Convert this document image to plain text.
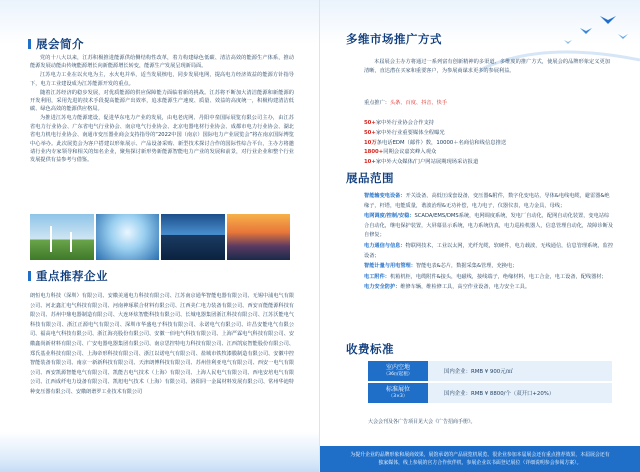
展会简介

党的十八大以来，江苏积极推进能源供给侧结构性改革，着力构建绿色低碳、清洁高效的能源生产体系，推动能源发展动能由传统能源增长向新能源增长转变，能源生产发展呈现新局面。

江苏电力工业在以火电为主，水火电并举，适当发展核电，同步发展电网，提高电力经济效益的能源方针指导下，电力工业建设成为江苏能源开发的重点。

随着江苏经济的稳步发展，对优质能源的供应保障能力面临着新的挑战。江苏将不断加大清洁能源和新能源的开发利用，采用先进的技术手段提高能源产出效率，追求能源生产速度、质量、效益的高度统一，积极构建清洁低碳、绿色高效的能源供应格局。

为推进江苏电力能源建设，促进华东电力产业的发展，由电老虎网、丹阳中垒国际展览有限公司主办，由江苏省电力行业协会、广东省电气行业协会、南京电气行业协会、北京电器电材行业协会、成都市电力行业协会、湖北省电力机电行业协会、南通市变压器业商会支持指导的“2022中国（南京）国际电力产业展览会”将在南京国际博览中心举办。此次展览会为客户搭建以形象展示、产品设备采购、新型技术探讨合作的国际性综合平台，主办方将邀请行业内专家领导和相关的知名企业，聚焦探讨新形势新能源智能电力产业的发展和前景，对行业企业和整个行业发展提供有益参考与借鉴。

重点推荐企业
朗恒电力科技（深圳）有限公司、安徽美通电力科技有限公司、江苏南京通华智能电器有限公司、无锡中浦电气有限公司、河北鑫汇电气科技有限公司、河南神琢联合材料有限公司、江西美仁电力装备有限公司、西安百能能源科技有限公司、苏州中鼎电器制造有限公司、大连环炫智能科技有限公司、长城电器集团浙江科技有限公司、江苏沃能电气科技有限公司、浙江正源电气有限公司、深圳市华盛电子科技有限公司、永诺电气有限公司、许昌安能电气有限公司、福高电气科技有限公司、浙江海亮股份有限公司、安徽一佰电气科技有限公司、上海严霖电气科技有限公司、安徽鑫尚新材料有限公司、广安电器电器集团有限公司、南京思控特电力科技有限公司、江西凯宸智能股份有限公司、郑氏基业科技有限公司、上海帝形科技有限公司、浙江以诺电气有限公司、盐城市铁牧漆膜制造有限公司、安徽中控智能装备有限公司、南京一新新科技有限公司、天津朗博科技有限公司、苏州佳利亚电气有限公司、西安一电气有限公司、西安凯源智能电气有限公司、凯能吉电气技术（上海）有限公司、上海人民电气有限公司、西电安培电气有限公司、江西成纤电力设备有限公司、凯旭电气技术（上海）有限公司、洛阳同一金属材料发展有限公司、常州华迪特种变压器有限公司、安徽朗谱罗工业技术有限公司
多维市场推广方式

本届展会主办方将通过一系列富有创新精神的多渠道、多维度的推广方式，使展会的品牌形象定义更加清晰，直达潜在买家和重要客户，为参展商谋求更多的参展利益。

重点推广：头条、百度、抖音、快手
50+家中外行业协会合作支持
50+家中外行业重要媒体全程曝光
10万条电话EDM（邮件）数，10000＋名商信和线信息推送
1800+同期会议嘉宾峰入观众
10+家中外大众媒体/门户网站展期现场采访报道
展品范围
智能输变电设备：开关设备，高低压成套设备，变压器&附件，数字化变电站，导体&电线电缆，避雷器&绝缘子，杆塔，电能质量，谐波治理&无功补偿，电力电子，仪器仪表，电力金具，母线；
电网调度/控制/安稳：SCADA/EMS/DMS系统，电网调度系统，发电厂自动化，配网自动化装置，变电站综合自动化，继电保护装置，大屏幕显示系统，电力系统仿真，电力巡检机器人，信息管理自动化，故障诊断及自修复；
电力通信与信息：物联网技术，工业以太网，光纤光缆，软硬件，电力载波，无线通信，信息管理系统，监控设备；
智能计量与用电管理：智能电表&芯片，数据采集&管理，充换电；
电工附件：机箱机柜，电缆附件&接头，电磁线，接线端子，绝缘材料，电工合金，电工设备，配线器材；
电力安全防护：维修车辆，维检修工具，高空作业设备，电力安全工具。
收费标准
室内空地
（36㎡起租）	国内企业：RMB ¥ 900元/㎡
标准展位
（3×3）	国内企业：RMB ¥ 8800/个（双开口+20%）
大会会刊及各广告项目见大会《广告招商手册》。
为提升企业的品牌形象和展商效果，展馆承诺的产品展览机展览、很企业参加本届展会还有重点推荐效果，本届展会还有独家媒体，线上参展的官方合作伙伴机，参展企业以书面登记展位（详细说明参会参阅方案）。
